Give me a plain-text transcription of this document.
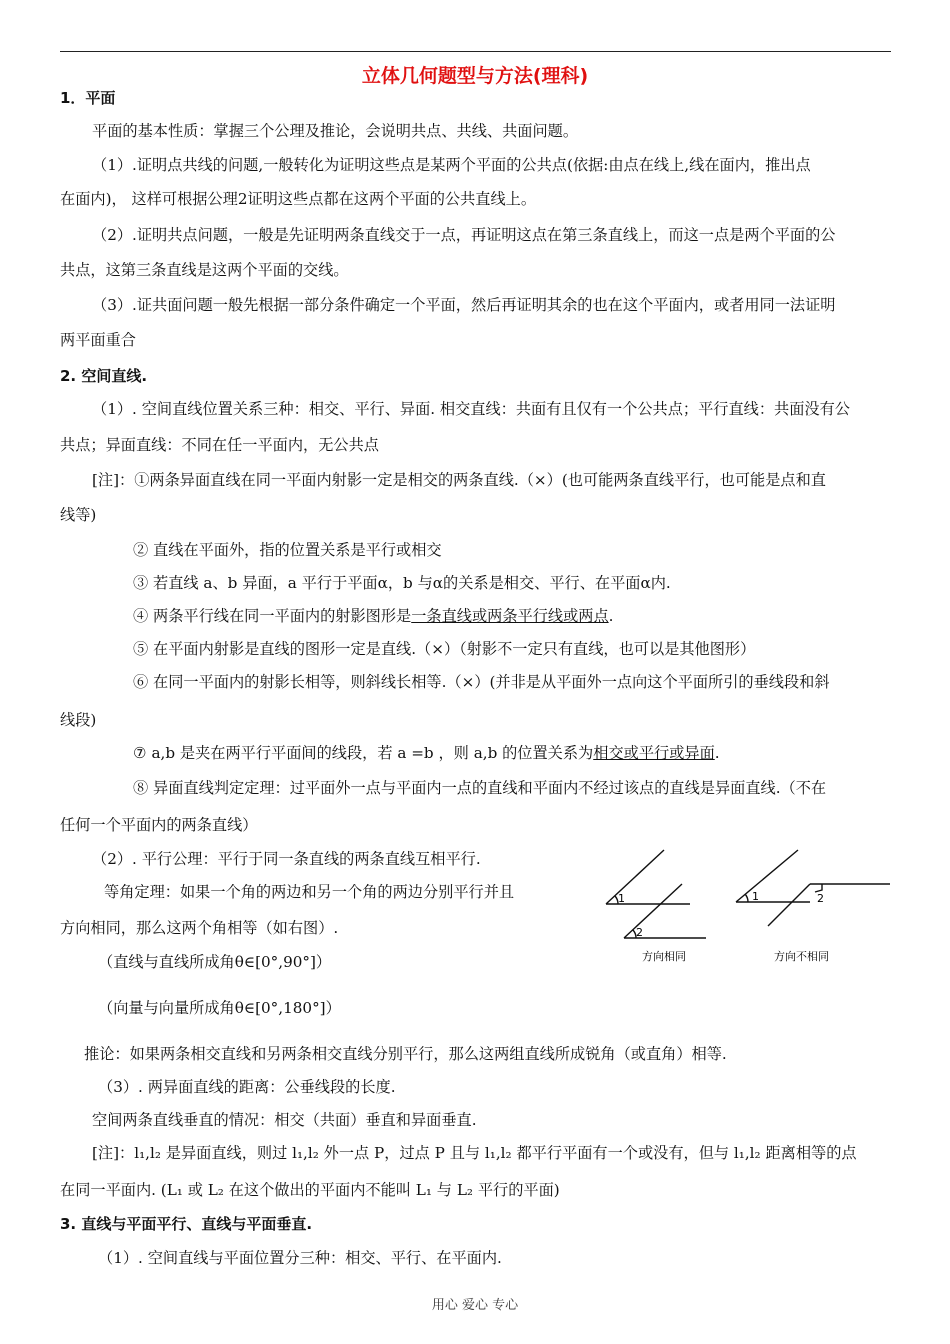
立体几何题型与方法(理科)
1．平面
平面的基本性质：掌握三个公理及推论，会说明共点、共线、共面问题。
（1）.证明点共线的问题,一般转化为证明这些点是某两个平面的公共点(依据:由点在线上,线在面内，推出点
在面内)， 这样可根据公理2证明这些点都在这两个平面的公共直线上。
（2）.证明共点问题，一般是先证明两条直线交于一点，再证明这点在第三条直线上，而这一点是两个平面的公
共点，这第三条直线是这两个平面的交线。
（3）.证共面问题一般先根据一部分条件确定一个平面，然后再证明其余的也在这个平面内，或者用同一法证明
两平面重合
2. 空间直线.
（1）. 空间直线位置关系三种：相交、平行、异面. 相交直线：共面有且仅有一个公共点；平行直线：共面没有公
共点；异面直线：不同在任一平面内，无公共点
[注]：①两条异面直线在同一平面内射影一定是相交的两条直线.（×）(也可能两条直线平行，也可能是点和直
线等)
② 直线在平面外，指的位置关系是平行或相交
③ 若直线 a、b 异面，a 平行于平面α，b 与α的关系是相交、平行、在平面α内.
④ 两条平行线在同一平面内的射影图形是一条直线或两条平行线或两点.
⑤ 在平面内射影是直线的图形一定是直线.（×）（射影不一定只有直线，也可以是其他图形）
⑥ 在同一平面内的射影长相等，则斜线长相等.（×）(并非是从平面外一点向这个平面所引的垂线段和斜
线段)
⑦ a,b 是夹在两平行平面间的线段，若 a =b ，则 a,b 的位置关系为相交或平行或异面.
⑧ 异面直线判定定理：过平面外一点与平面内一点的直线和平面内不经过该点的直线是异面直线.（不在
任何一个平面内的两条直线）
（2）. 平行公理：平行于同一条直线的两条直线互相平行.
等角定理：如果一个角的两边和另一个角的两边分别平行并且
方向相同，那么这两个角相等（如右图）.
（直线与直线所成角θ∈[0°,90°]）
（向量与向量所成角θ∈[0°,180°]）
推论：如果两条相交直线和另两条相交直线分别平行，那么这两组直线所成锐角（或直角）相等.
（3）. 两异面直线的距离：公垂线段的长度.
空间两条直线垂直的情况：相交（共面）垂直和异面垂直.
[注]：l₁,l₂ 是异面直线，则过 l₁,l₂ 外一点 P，过点 P 且与 l₁,l₂ 都平行平面有一个或没有，但与 l₁,l₂ 距离相等的点
在同一平面内. (L₁ 或 L₂ 在这个做出的平面内不能叫 L₁ 与 L₂ 平行的平面)
3. 直线与平面平行、直线与平面垂直.
（1）. 空间直线与平面位置分三种：相交、平行、在平面内.
1
2
1	2
方向相同	方向不相同
用心 爱心 专心
